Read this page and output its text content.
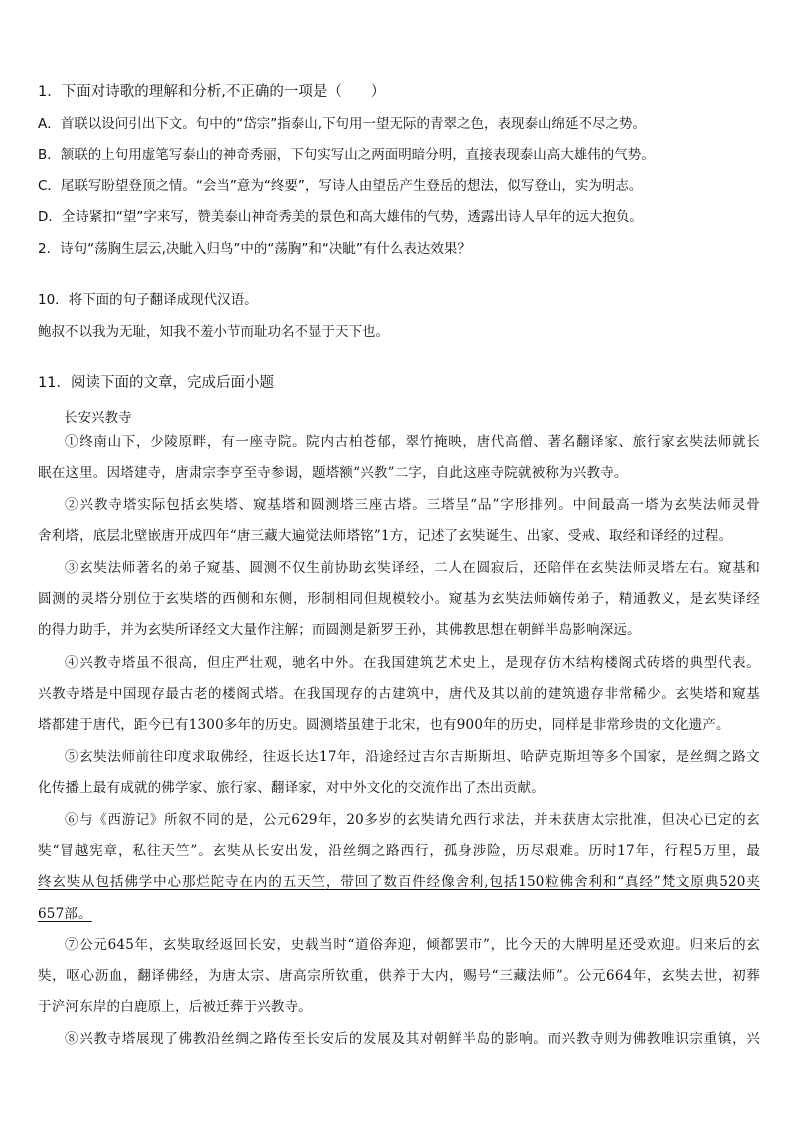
1．下面对诗歌的理解和分析,不正确的一项是（　　）
A．首联以设问引出下文。句中的“岱宗”指泰山,下句用一望无际的青翠之色，表现泰山绵延不尽之势。
B．颔联的上句用虚笔写泰山的神奇秀丽，下句实写山之两面明暗分明，直接表现泰山高大雄伟的气势。
C．尾联写盼望登顶之情。“会当”意为“终要”，写诗人由望岳产生登岳的想法，似写登山，实为明志。
D．全诗紧扣“望”字来写，赞美泰山神奇秀美的景色和高大雄伟的气势，透露出诗人早年的远大抱负。
2．诗句“荡胸生层云,决眦入归鸟”中的“荡胸”和“决眦”有什么表达效果？
10．将下面的句子翻译成现代汉语。
鲍叔不以我为无耻，知我不羞小节而耻功名不显于天下也。
11．阅读下面的文章，完成后面小题
长安兴教寺
①终南山下，少陵原畔，有一座寺院。院内古柏苍郁，翠竹掩映，唐代高僧、著名翻译家、旅行家玄奘法师就长
眠在这里。因塔建寺，唐肃宗李亨至寺参谒，题塔额“兴教”二字，自此这座寺院就被称为兴教寺。
②兴教寺塔实际包括玄奘塔、窥基塔和圆测塔三座古塔。三塔呈“品”字形排列。中间最高一塔为玄奘法师灵骨
舍利塔，底层北壁嵌唐开成四年“唐三藏大遍觉法师塔铭”1方，记述了玄奘诞生、出家、受戒、取经和译经的过程。
③玄奘法师著名的弟子窥基、圆测不仅生前协助玄奘译经，二人在圆寂后，还陪伴在玄奘法师灵塔左右。窥基和
圆测的灵塔分别位于玄奘塔的西侧和东侧，形制相同但规模较小。窥基为玄奘法师嫡传弟子，精通教义，是玄奘译经
的得力助手，并为玄奘所译经文大量作注解；而圆测是新罗王孙，其佛教思想在朝鲜半岛影响深远。
④兴教寺塔虽不很高，但庄严壮观，驰名中外。在我国建筑艺术史上，是现存仿木结构楼阁式砖塔的典型代表。
兴教寺塔是中国现存最古老的楼阁式塔。在我国现存的古建筑中，唐代及其以前的建筑遗存非常稀少。玄奘塔和窥基
塔都建于唐代，距今已有1300多年的历史。圆测塔虽建于北宋，也有900年的历史，同样是非常珍贵的文化遗产。
⑤玄奘法师前往印度求取佛经，往返长达17年，沿途经过吉尔吉斯斯坦、哈萨克斯坦等多个国家，是丝绸之路文
化传播上最有成就的佛学家、旅行家、翻译家，对中外文化的交流作出了杰出贡献。
⑥与《西游记》所叙不同的是，公元629年，20多岁的玄奘请允西行求法，并未获唐太宗批准，但决心已定的玄
奘“冒越宪章，私往天竺”。玄奘从长安出发，沿丝绸之路西行，孤身涉险，历尽艰难。历时17年，行程5万里，最
终玄奘从包括佛学中心那烂陀寺在内的五天竺，带回了数百件经像舍利,包括150粒佛舍利和“真经”梵文原典520夹
657部。
⑦公元645年，玄奘取经返回长安，史载当时“道俗奔迎，倾都罢市”，比今天的大牌明星还受欢迎。归来后的玄
奘，呕心沥血，翻译佛经，为唐太宗、唐高宗所钦重，供养于大内，赐号“三藏法师”。公元664年，玄奘去世，初葬
于浐河东岸的白鹿原上，后被迁葬于兴教寺。
⑧兴教寺塔展现了佛教沿丝绸之路传至长安后的发展及其对朝鲜半岛的影响。而兴教寺则为佛教唯识宗重镇，兴
